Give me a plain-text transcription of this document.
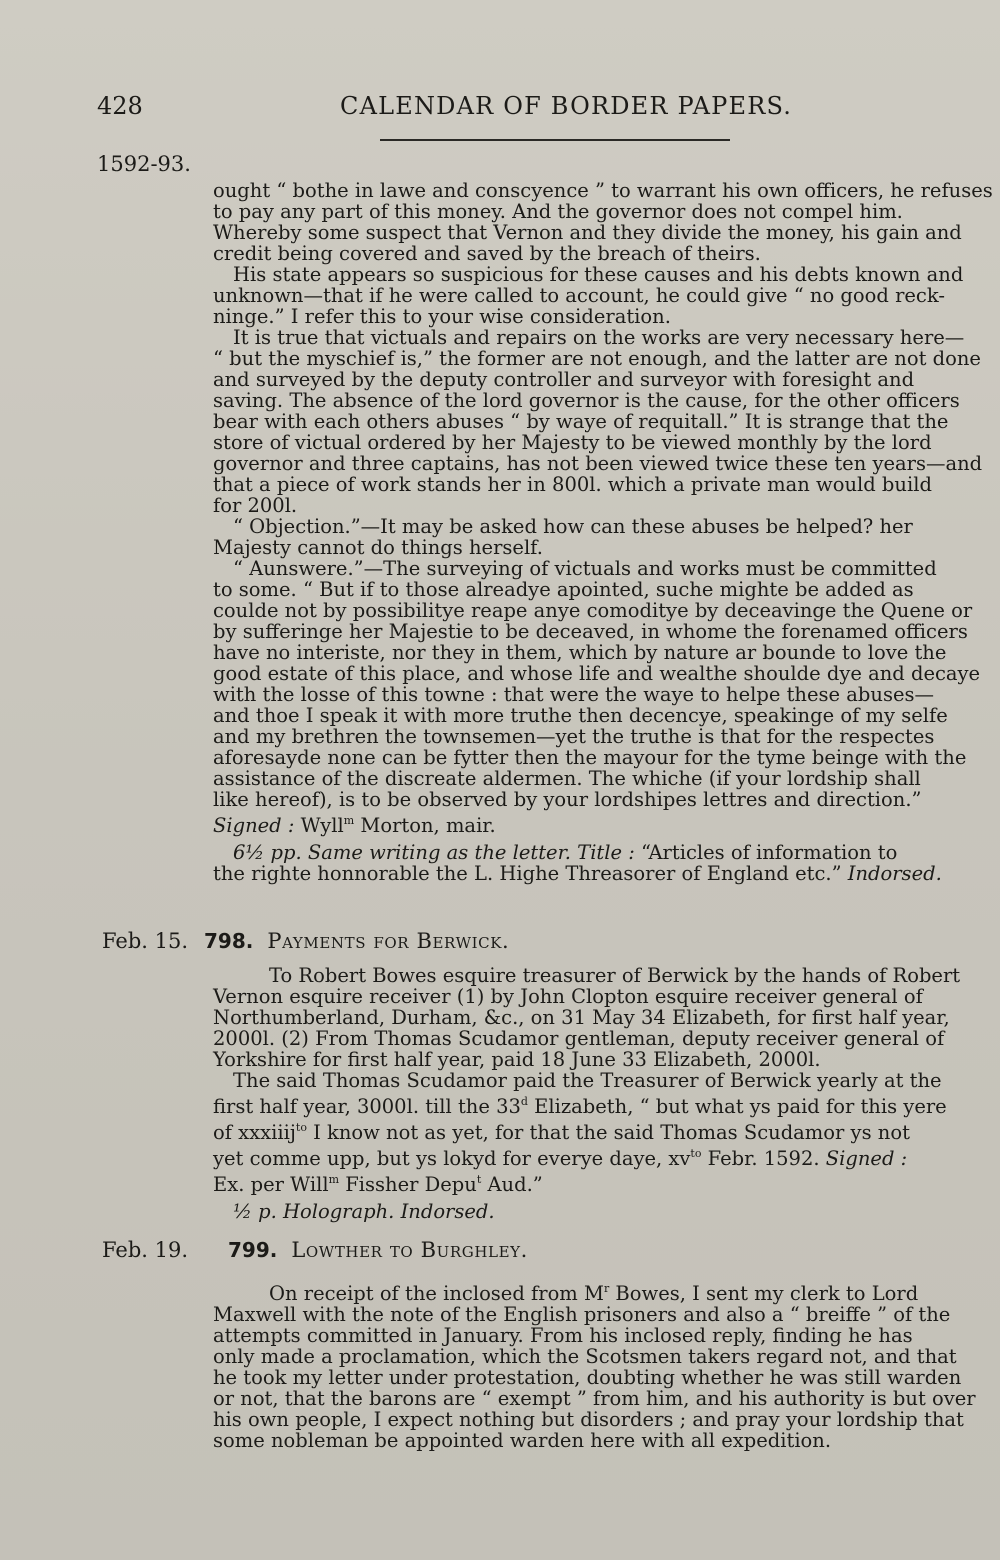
428	CALENDAR OF BORDER PAPERS.
1592-93.
ought “ bothe in lawe and conscyence ” to warrant his own officers, he refuses
to pay any part of this money. And the governor does not compel him.
Whereby some suspect that Vernon and they divide the money, his gain and
credit being covered and saved by the breach of theirs.
His state appears so suspicious for these causes and his debts known and
unknown—that if he were called to account, he could give “ no good reck-
ninge.” I refer this to your wise consideration.
It is true that victuals and repairs on the works are very necessary here—
“ but the myschief is,” the former are not enough, and the latter are not done
and surveyed by the deputy controller and surveyor with foresight and
saving. The absence of the lord governor is the cause, for the other officers
bear with each others abuses “ by waye of requitall.” It is strange that the
store of victual ordered by her Majesty to be viewed monthly by the lord
governor and three captains, has not been viewed twice these ten years—and
that a piece of work stands her in 800l. which a private man would build
for 200l.
“ Objection.”—It may be asked how can these abuses be helped? her
Majesty cannot do things herself.
“ Aunswere.”—The surveying of victuals and works must be committed
to some. “ But if to those alreadye apointed, suche mighte be added as
coulde not by possibilitye reape anye comoditye by deceavinge the Quene or
by sufferinge her Majestie to be deceaved, in whome the forenamed officers
have no interiste, nor they in them, which by nature ar bounde to love the
good estate of this place, and whose life and wealthe shoulde dye and decaye
with the losse of this towne : that were the waye to helpe these abuses—
and thoe I speak it with more truthe then decencye, speakinge of my selfe
and my brethren the townsemen—yet the truthe is that for the respectes
aforesayde none can be fytter then the mayour for the tyme beinge with the
assistance of the discreate aldermen. The whiche (if your lordship shall
like hereof), is to be observed by your lordshipes lettres and direction.”
Signed : Wyll$^m$ Morton, mair.
6½ pp. Same writing as the letter. Title : “Articles of information to
the righte honnorable the L. Highe Threasorer of England etc.” Indorsed.
Feb. 15. 798. Payments for Berwick.
To Robert Bowes esquire treasurer of Berwick by the hands of Robert
Vernon esquire receiver (1) by John Clopton esquire receiver general of
Northumberland, Durham, &c., on 31 May 34 Elizabeth, for first half year,
2000l. (2) From Thomas Scudamor gentleman, deputy receiver general of
Yorkshire for first half year, paid 18 June 33 Elizabeth, 2000l.
The said Thomas Scudamor paid the Treasurer of Berwick yearly at the
first half year, 3000l. till the 33$^d$ Elizabeth, “ but what ys paid for this yere
of xxxiiij$^{to}$ I know not as yet, for that the said Thomas Scudamor ys not
yet comme upp, but ys lokyd for everye daye, $xv^{to}$ Febr. 1592. Signed :
Ex. per Will$^m$ Fissher Depu$^t$ Aud.”
½ p. Holograph. Indorsed.
Feb. 19. 799. Lowther to Burghley.
On receipt of the inclosed from $M^r$ Bowes, I sent my clerk to Lord
Maxwell with the note of the English prisoners and also a “ breiffe ” of the
attempts committed in January. From his inclosed reply, finding he has
only made a proclamation, which the Scotsmen takers regard not, and that
he took my letter under protestation, doubting whether he was still warden
or not, that the barons are “ exempt ” from him, and his authority is but over
his own people, I expect nothing but disorders ; and pray your lordship that
some nobleman be appointed warden here with all expedition.
